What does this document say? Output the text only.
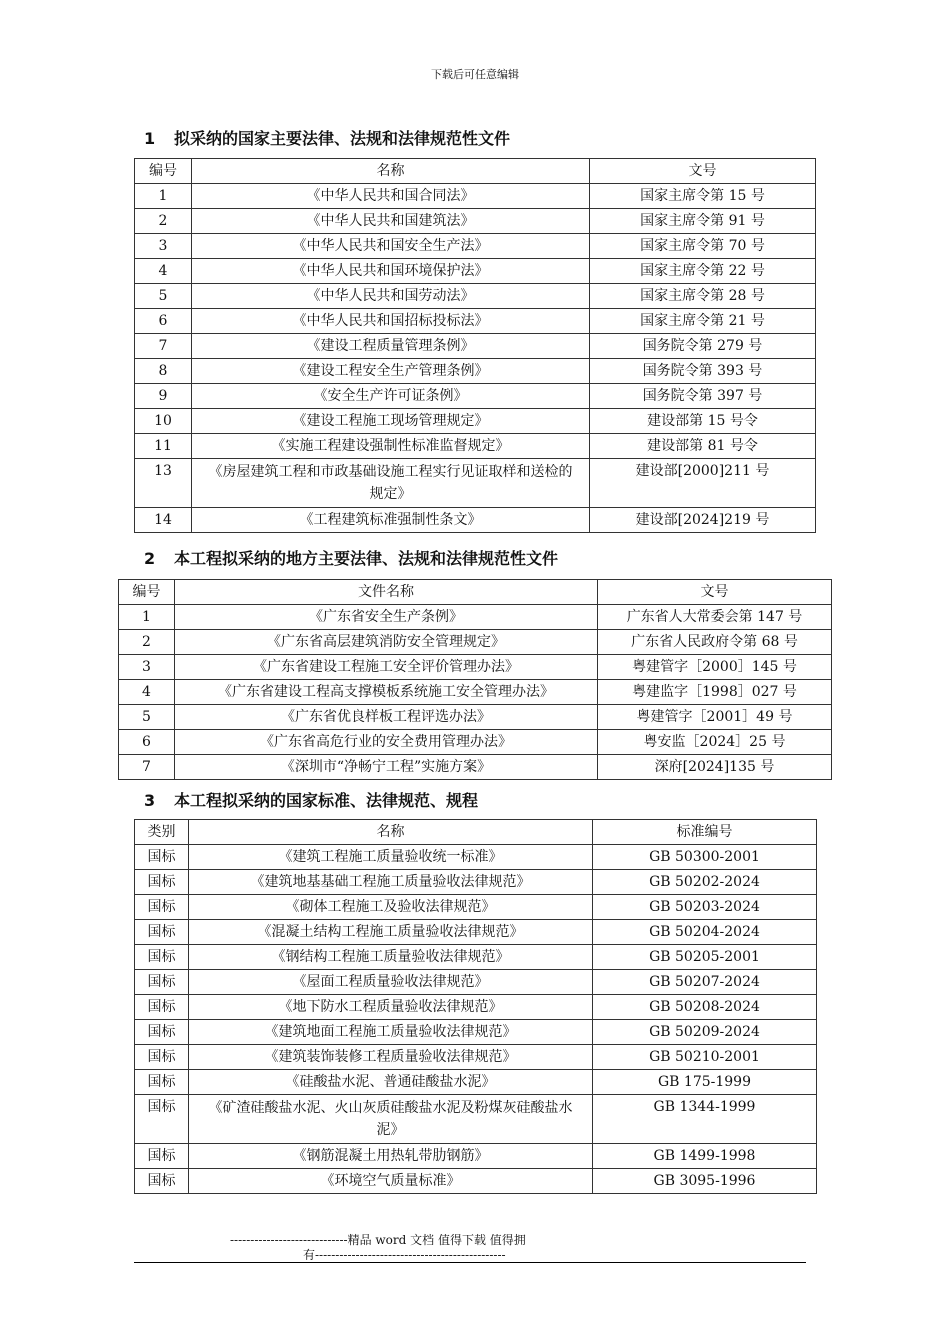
下载后可任意编辑
1 拟采纳的国家主要法律、法规和法律规范性文件
编号	名称	文号
1	《中华人民共和国合同法》	国家主席令第 15 号
2	《中华人民共和国建筑法》	国家主席令第 91 号
3	《中华人民共和国安全生产法》	国家主席令第 70 号
4	《中华人民共和国环境保护法》	国家主席令第 22 号
5	《中华人民共和国劳动法》	国家主席令第 28 号
6	《中华人民共和国招标投标法》	国家主席令第 21 号
7	《建设工程质量管理条例》	国务院令第 279 号
8	《建设工程安全生产管理条例》	国务院令第 393 号
9	《安全生产许可证条例》	国务院令第 397 号
10	《建设工程施工现场管理规定》	建设部第 15 号令
11	《实施工程建设强制性标准监督规定》	建设部第 81 号令
13	《房屋建筑工程和市政基础设施工程实行见证取样和送检的规定》	建设部[2000]211 号
14	《工程建筑标准强制性条文》	建设部[2024]219 号
2 本工程拟采纳的地方主要法律、法规和法律规范性文件
编号	文件名称	文号
1	《广东省安全生产条例》	广东省人大常委会第 147 号
2	《广东省高层建筑消防安全管理规定》	广东省人民政府令第 68 号
3	《广东省建设工程施工安全评价管理办法》	粤建管字［2000］145 号
4	《广东省建设工程高支撑模板系统施工安全管理办法》	粤建监字［1998］027 号
5	《广东省优良样板工程评选办法》	粤建管字［2001］49 号
6	《广东省高危行业的安全费用管理办法》	粤安监［2024］25 号
7	《深圳市“净畅宁工程”实施方案》	深府[2024]135 号
3 本工程拟采纳的国家标准、法律规范、规程
类别	名称	标准编号
国标	《建筑工程施工质量验收统一标准》	GB 50300-2001
国标	《建筑地基基础工程施工质量验收法律规范》	GB 50202-2024
国标	《砌体工程施工及验收法律规范》	GB 50203-2024
国标	《混凝土结构工程施工质量验收法律规范》	GB 50204-2024
国标	《钢结构工程施工质量验收法律规范》	GB 50205-2001
国标	《屋面工程质量验收法律规范》	GB 50207-2024
国标	《地下防水工程质量验收法律规范》	GB 50208-2024
国标	《建筑地面工程施工质量验收法律规范》	GB 50209-2024
国标	《建筑装饰装修工程质量验收法律规范》	GB 50210-2001
国标	《硅酸盐水泥、普通硅酸盐水泥》	GB 175-1999
国标	《矿渣硅酸盐水泥、火山灰质硅酸盐水泥及粉煤灰硅酸盐水泥》	GB 1344-1999
国标	《钢筋混凝土用热轧带肋钢筋》	GB 1499-1998
国标	《环境空气质量标准》	GB 3095-1996
-----------------------------精品 word 文档 值得下载 值得拥
有-----------------------------------------------
